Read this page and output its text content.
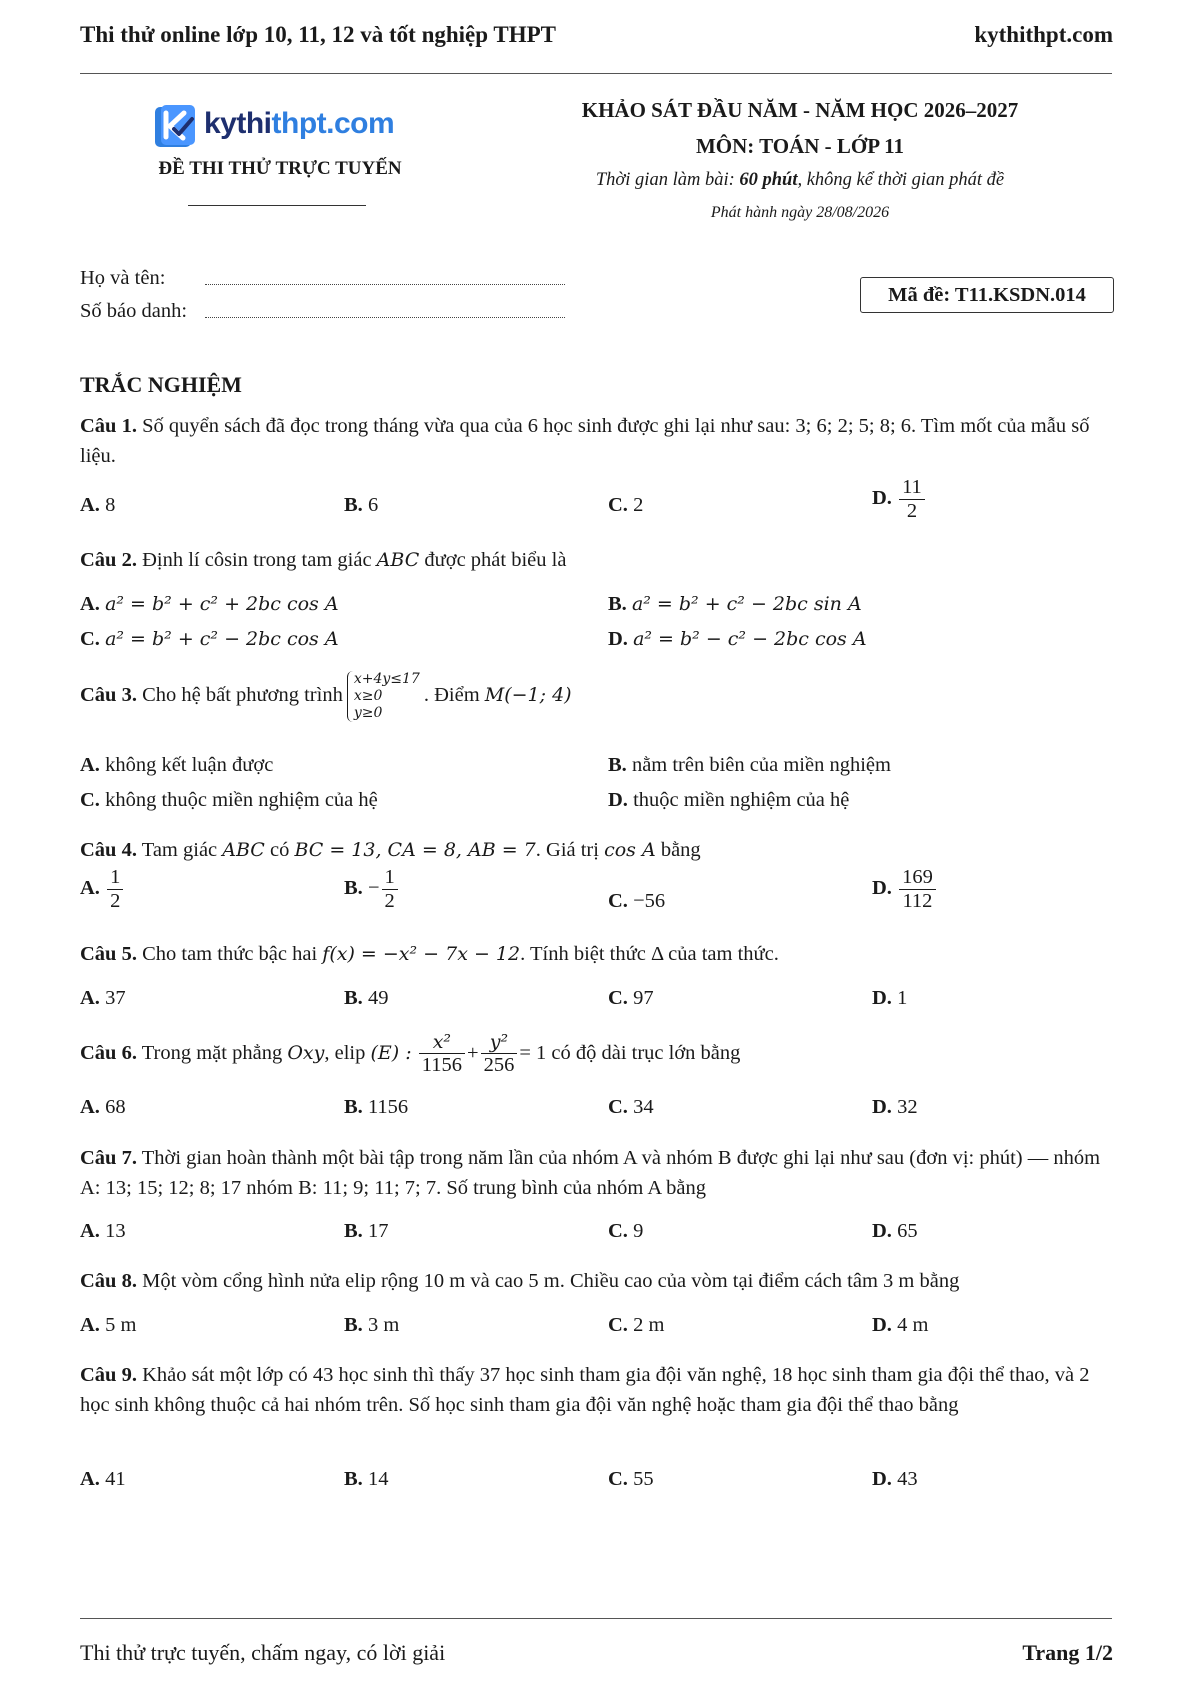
Thi thử online lớp 10, 11, 12 và tốt nghiệp THPT	kythithpt.com
kythithpt.com
ĐỀ THI THỬ TRỰC TUYẾN
KHẢO SÁT ĐẦU NĂM - NĂM HỌC 2026–2027
MÔN: TOÁN - LỚP 11
Thời gian làm bài: 60 phút, không kể thời gian phát đề
Phát hành ngày 28/08/2026
Họ và tên:
Số báo danh:
Mã đề: T11.KSDN.014
TRẮC NGHIỆM
Câu 1. Số quyển sách đã đọc trong tháng vừa qua của 6 học sinh được ghi lại như sau: 3; 6; 2; 5; 8; 6. Tìm mốt của mẫu số liệu.
A. 8	B. 6	C. 2	D. $\frac{11}{2}$
Câu 2. Định lí côsin trong tam giác ABC được phát biểu là
A. a² = b² + c² + 2bc cos A	B. a² = b² + c² − 2bc sin A
C. a² = b² + c² − 2bc cos A	D. a² = b² − c² − 2bc cos A
Câu 3. Cho hệ bất phương trình
x+4y≤17
x≥0
y≥0
. Điểm M(−1; 4)
A. không kết luận được	B. nằm trên biên của miền nghiệm
C. không thuộc miền nghiệm của hệ	D. thuộc miền nghiệm của hệ
Câu 4. Tam giác ABC có BC = 13, CA = 8, AB = 7. Giá trị cos A bằng
A. $\frac{1}{2}$	B. − $\frac{1}{2}$	C. −56
D. $\frac{169}{112}$
Câu 5. Cho tam thức bậc hai f(x) = −x² − 7x − 12. Tính biệt thức Δ của tam thức.
A. 37	B. 49	C. 97	D. 1
Câu 6. Trong mặt phẳng Oxy, elip (E) : $\frac{\text{x²}}{1156} + \frac{\text{y²}}{256} = 1$ có độ dài trục lớn bằng
A. 68	B. 1156	C. 34	D. 32
Câu 7. Thời gian hoàn thành một bài tập trong năm lần của nhóm A và nhóm B được ghi lại như sau (đơn vị: phút) — nhóm A: 13; 15; 12; 8; 17 nhóm B: 11; 9; 11; 7; 7. Số trung bình của nhóm A bằng
A. 13	B. 17	C. 9	D. 65
Câu 8. Một vòm cổng hình nửa elip rộng 10 m và cao 5 m. Chiều cao của vòm tại điểm cách tâm 3 m bằng
A. 5 m	B. 3 m	C. 2 m	D. 4 m
Câu 9. Khảo sát một lớp có 43 học sinh thì thấy 37 học sinh tham gia đội văn nghệ, 18 học sinh tham gia đội thể thao, và 2 học sinh không thuộc cả hai nhóm trên. Số học sinh tham gia đội văn nghệ hoặc tham gia đội thể thao bằng
A. 41	B. 14	C. 55	D. 43
Thi thử trực tuyến, chấm ngay, có lời giải	Trang 1/2
